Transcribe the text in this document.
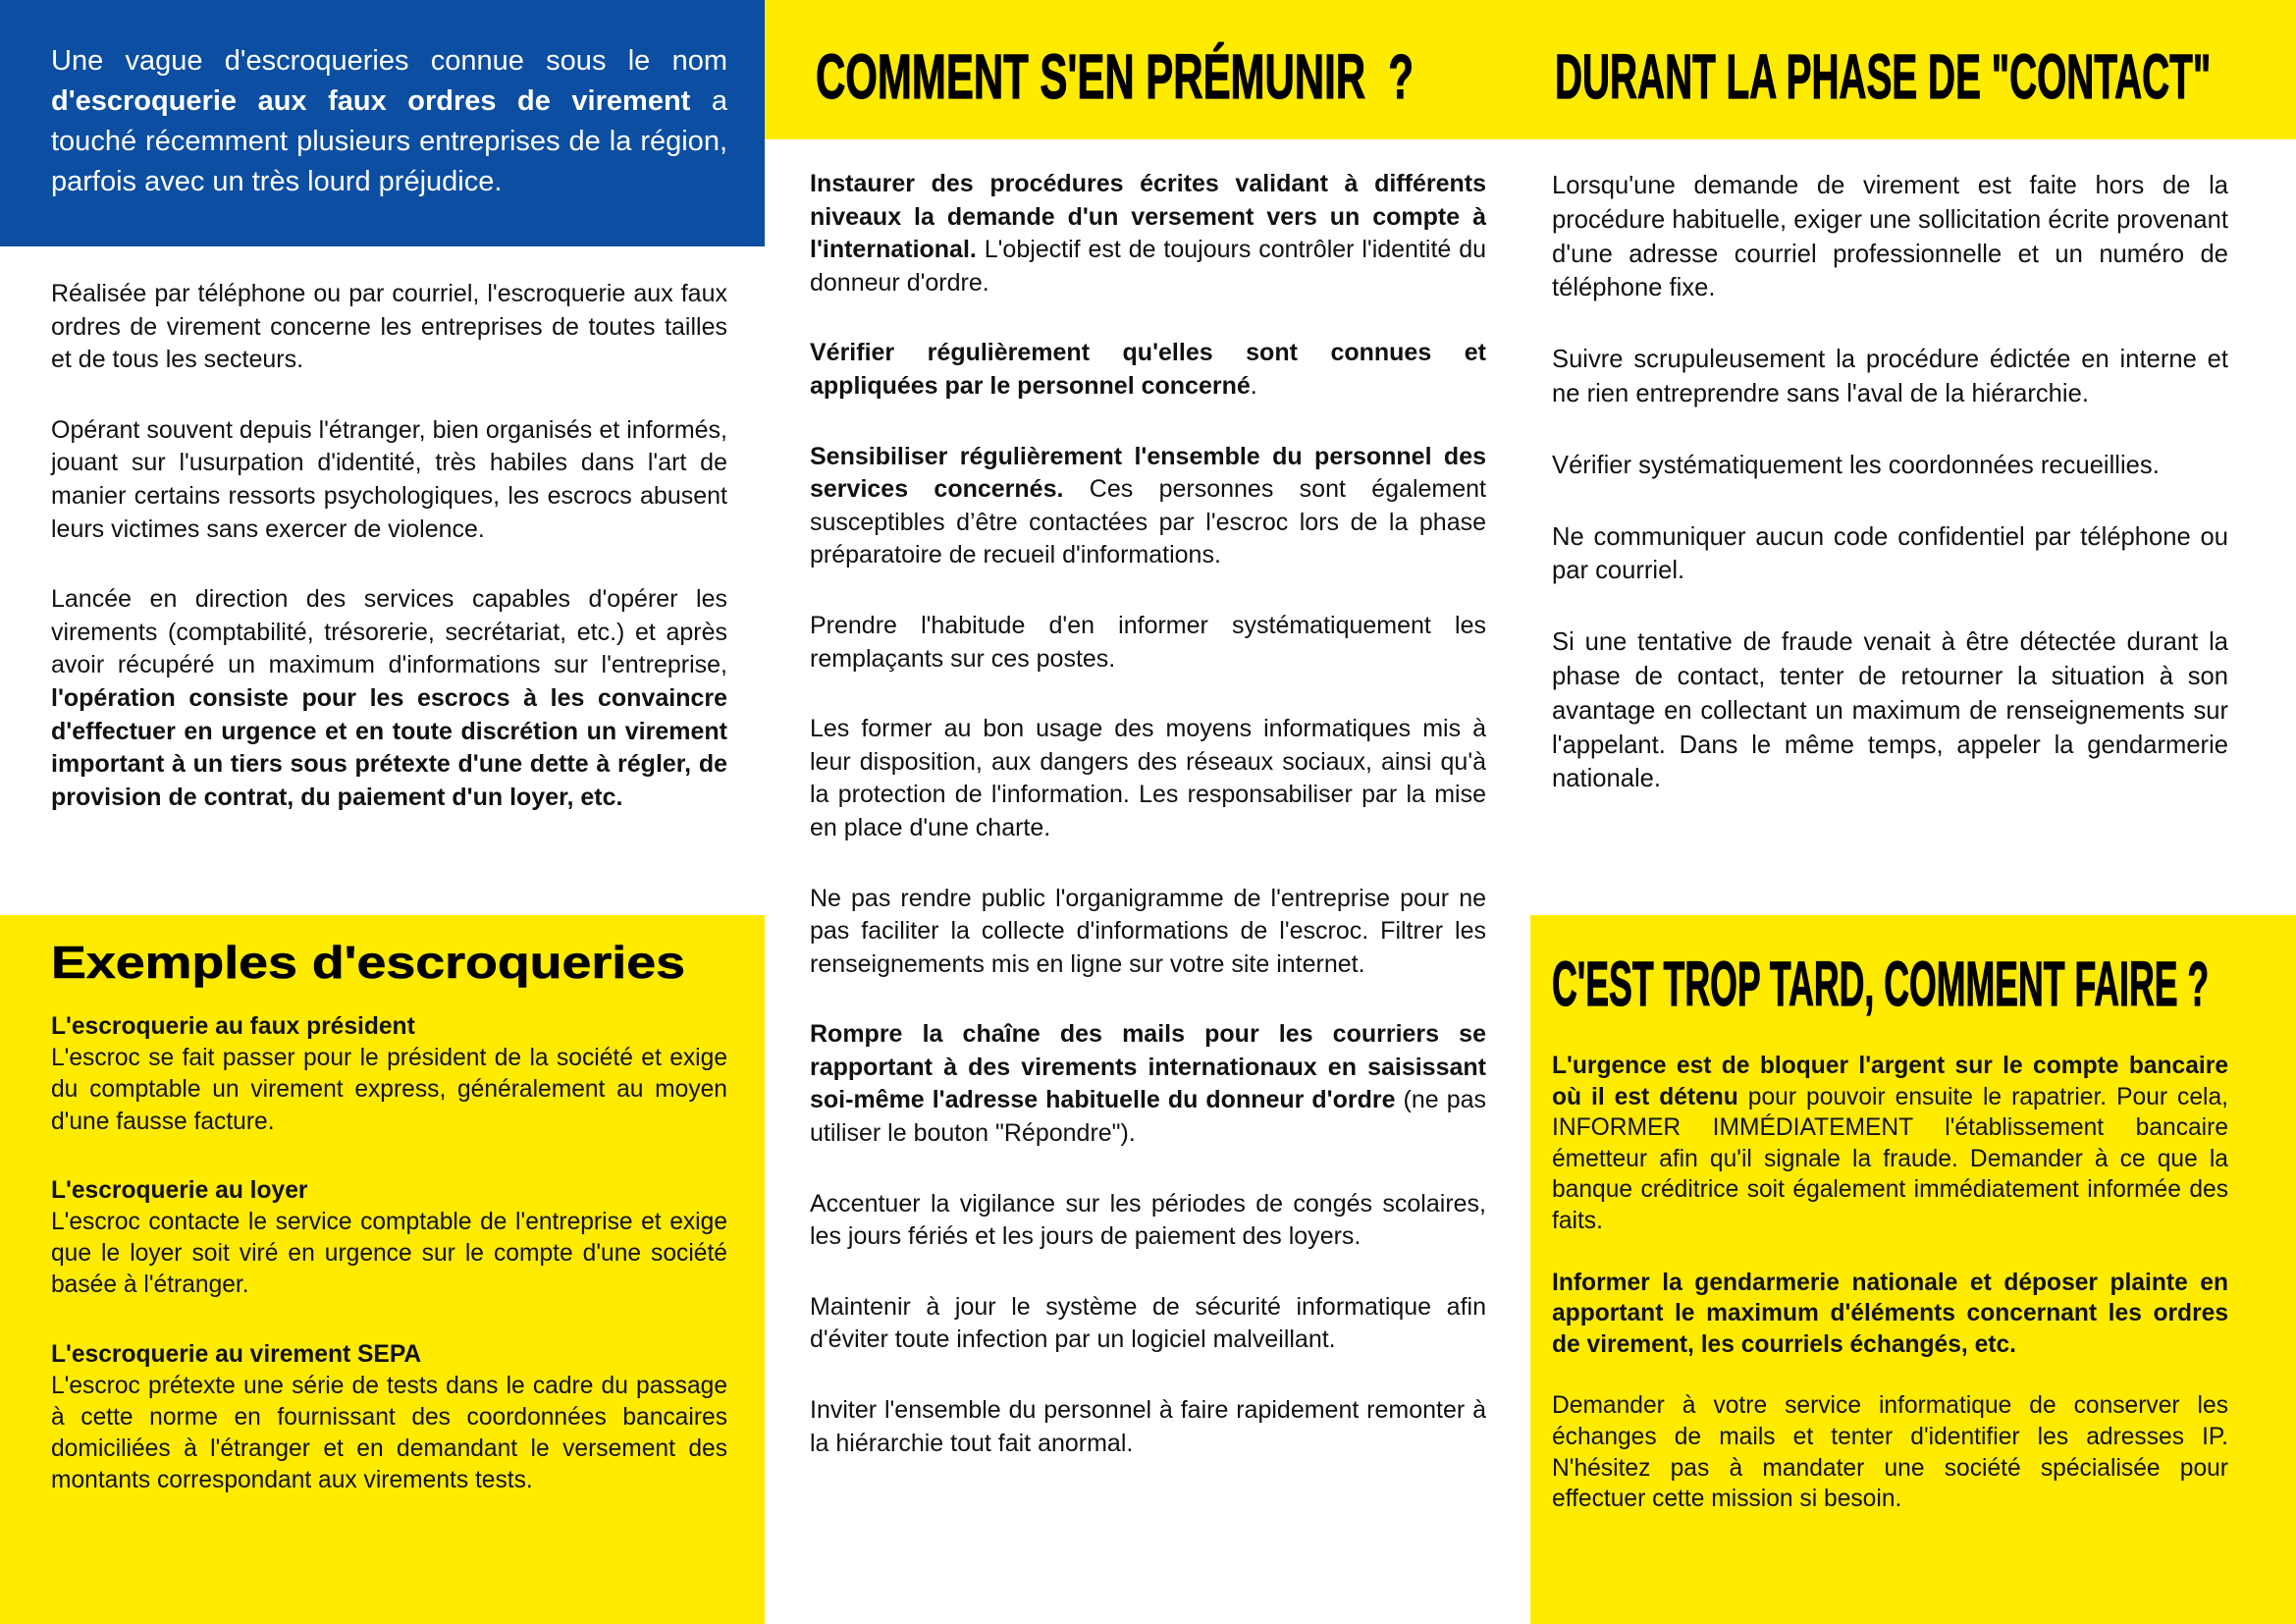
Une vague d'escroqueries connue sous le nom d'escroquerie aux faux ordres de virement a touché récemment plusieurs entreprises de la région, parfois avec un très lourd préjudice.

Réalisée par téléphone ou par courriel, l'escroquerie aux faux ordres de virement concerne les entreprises de toutes tailles et de tous les secteurs.

Opérant souvent depuis l'étranger, bien organisés et informés, jouant sur l'usurpation d'identité, très habiles dans l'art de manier certains ressorts psychologiques, les escrocs abusent leurs victimes sans exercer de violence.

Lancée en direction des services capables d'opérer les virements (comptabilité, trésorerie, secrétariat, etc.) et après avoir récupéré un maximum d'informations sur l'entreprise, l'opération consiste pour les escrocs à les convaincre d'effectuer en urgence et en toute discrétion un virement important à un tiers sous prétexte d'une dette à régler, de provision de contrat, du paiement d'un loyer, etc.

Exemples d'escroqueries
L'escroquerie au faux président
L'escroc se fait passer pour le président de la société et exige du comptable un virement express, généralement au moyen d'une fausse facture.
L'escroquerie au loyer
L'escroc contacte le service comptable de l'entreprise et exige que le loyer soit viré en urgence sur le compte d'une société basée à l'étranger.
L'escroquerie au virement SEPA
L'escroc prétexte une série de tests dans le cadre du passage à cette norme en fournissant des coordonnées bancaires domiciliées à l'étranger et en demandant le versement des montants correspondant aux virements tests.
COMMENT S'EN PRÉMUNIR  ?

Instaurer des procédures écrites validant à différents niveaux la demande d'un versement vers un compte à l'international. L'objectif est de toujours contrôler l'identité du donneur d'ordre.

Vérifier régulièrement qu'elles sont connues et appliquées par le personnel concerné.

Sensibiliser régulièrement l'ensemble du personnel des services concernés. Ces personnes sont également susceptibles d’être contactées par l'escroc lors de la phase préparatoire de recueil d'informations.

Prendre l'habitude d'en informer systématiquement les remplaçants sur ces postes.

Les former au bon usage des moyens informatiques mis à leur disposition, aux dangers des réseaux sociaux, ainsi qu'à la protection de l'information. Les responsabiliser par la mise en place d'une charte.

Ne pas rendre public l'organigramme de l'entreprise pour ne pas faciliter la collecte d'informations de l'escroc. Filtrer les renseignements mis en ligne sur votre site internet.

Rompre la chaîne des mails pour les courriers se rapportant à des virements internationaux en saisissant soi-même l'adresse habituelle du donneur d'ordre (ne pas utiliser le bouton "Répondre").

Accentuer la vigilance sur les périodes de congés scolaires, les jours fériés et les jours de paiement des loyers.

Maintenir à jour le système de sécurité informatique afin d'éviter toute infection par un logiciel malveillant.

Inviter l'ensemble du personnel à faire rapidement remonter à la hiérarchie tout fait anormal.

DURANT LA PHASE DE "CONTACT"

Lorsqu'une demande de virement est faite hors de la procédure habituelle, exiger une sollicitation écrite provenant d'une adresse courriel professionnelle et un numéro de téléphone fixe.

Suivre scrupuleusement la procédure édictée en interne et ne rien entreprendre sans l'aval de la hiérarchie.

Vérifier systématiquement les coordonnées recueillies.

Ne communiquer aucun code confidentiel par téléphone ou par courriel.

Si une tentative de fraude venait à être détectée durant la phase de contact, tenter de retourner la situation à son avantage en collectant un maximum de renseignements sur l'appelant. Dans le même temps, appeler la gendarmerie nationale.

C'EST TROP TARD, COMMENT FAIRE ?

L'urgence est de bloquer l'argent sur le compte bancaire où il est détenu pour pouvoir ensuite le rapatrier. Pour cela, INFORMER IMMÉDIATEMENT l'établissement bancaire émetteur afin qu'il signale la fraude. Demander à ce que la banque créditrice soit également immédiatement informée des faits.

Informer la gendarmerie nationale et déposer plainte en apportant le maximum d'éléments concernant les ordres de virement, les courriels échangés, etc.

Demander à votre service informatique de conserver les échanges de mails et tenter d'identifier les adresses IP. N'hésitez pas à mandater une société spécialisée pour effectuer cette mission si besoin.
